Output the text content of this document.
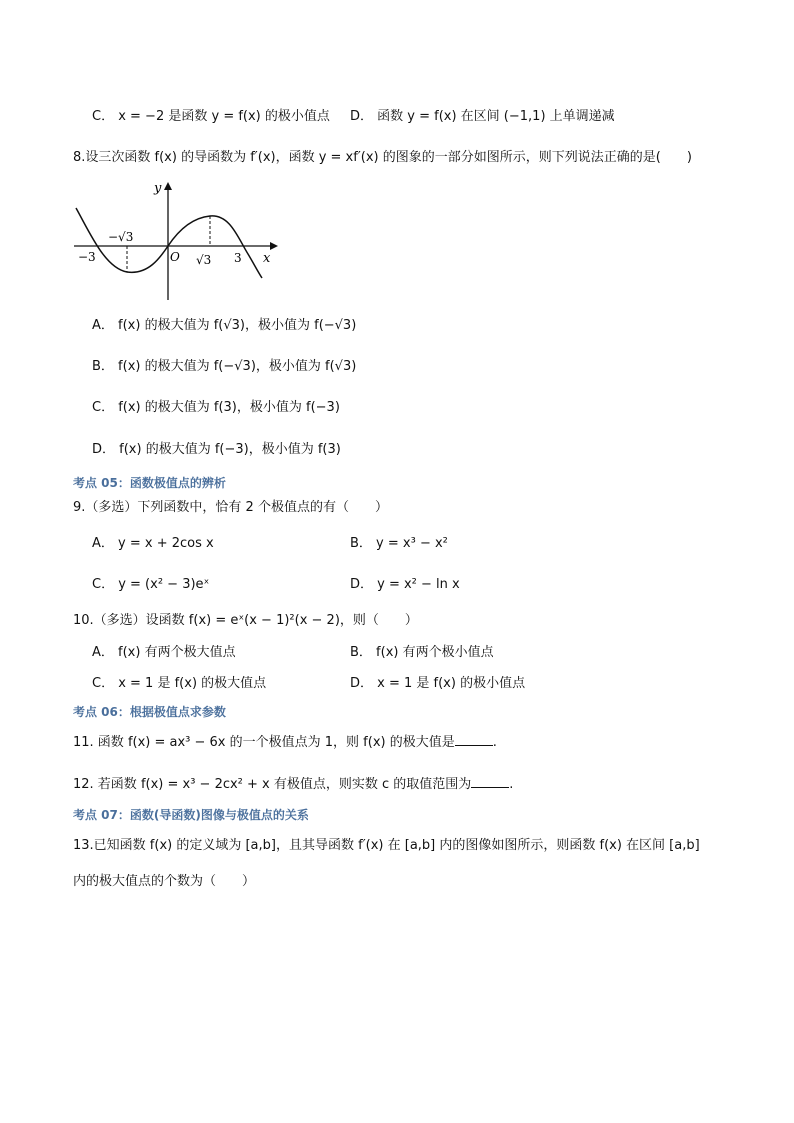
C． x = −2 是函数 y = f(x) 的极小值点 D． 函数 y = f(x) 在区间 (−1,1) 上单调递减
8.设三次函数 f(x) 的导函数为 f′(x)，函数 y = xf′(x) 的图象的一部分如图所示，则下列说法正确的是(　　)
y
x
O
−3
−√3
√3 3
A． f(x) 的极大值为 f(√3)，极小值为 f(−√3)
B． f(x) 的极大值为 f(−√3)，极小值为 f(√3)
C． f(x) 的极大值为 f(3)，极小值为 f(−3)
D． f(x) 的极大值为 f(−3)，极小值为 f(3)
考点 05：函数极值点的辨析
9.（多选）下列函数中，恰有 2 个极值点的有（　　）
A． y = x + 2cos x	B． y = x³ − x²
C． y = (x² − 3)eˣ	D． y = x² − ln x
10.（多选）设函数 f(x) = eˣ(x − 1)²(x − 2)，则（　　）
A． f(x) 有两个极大值点	B． f(x) 有两个极小值点
C． x = 1 是 f(x) 的极大值点	D． x = 1 是 f(x) 的极小值点
考点 06：根据极值点求参数
11. 函数 f(x) = ax³ − 6x 的一个极值点为 1，则 f(x) 的极大值是	.
12. 若函数 f(x) = x³ − 2cx² + x 有极值点，则实数 c 的取值范围为	.
考点 07：函数(导函数)图像与极值点的关系
13.已知函数 f(x) 的定义域为 [a,b]，且其导函数 f′(x) 在 [a,b] 内的图像如图所示，则函数 f(x) 在区间 [a,b]
内的极大值点的个数为（　　）
